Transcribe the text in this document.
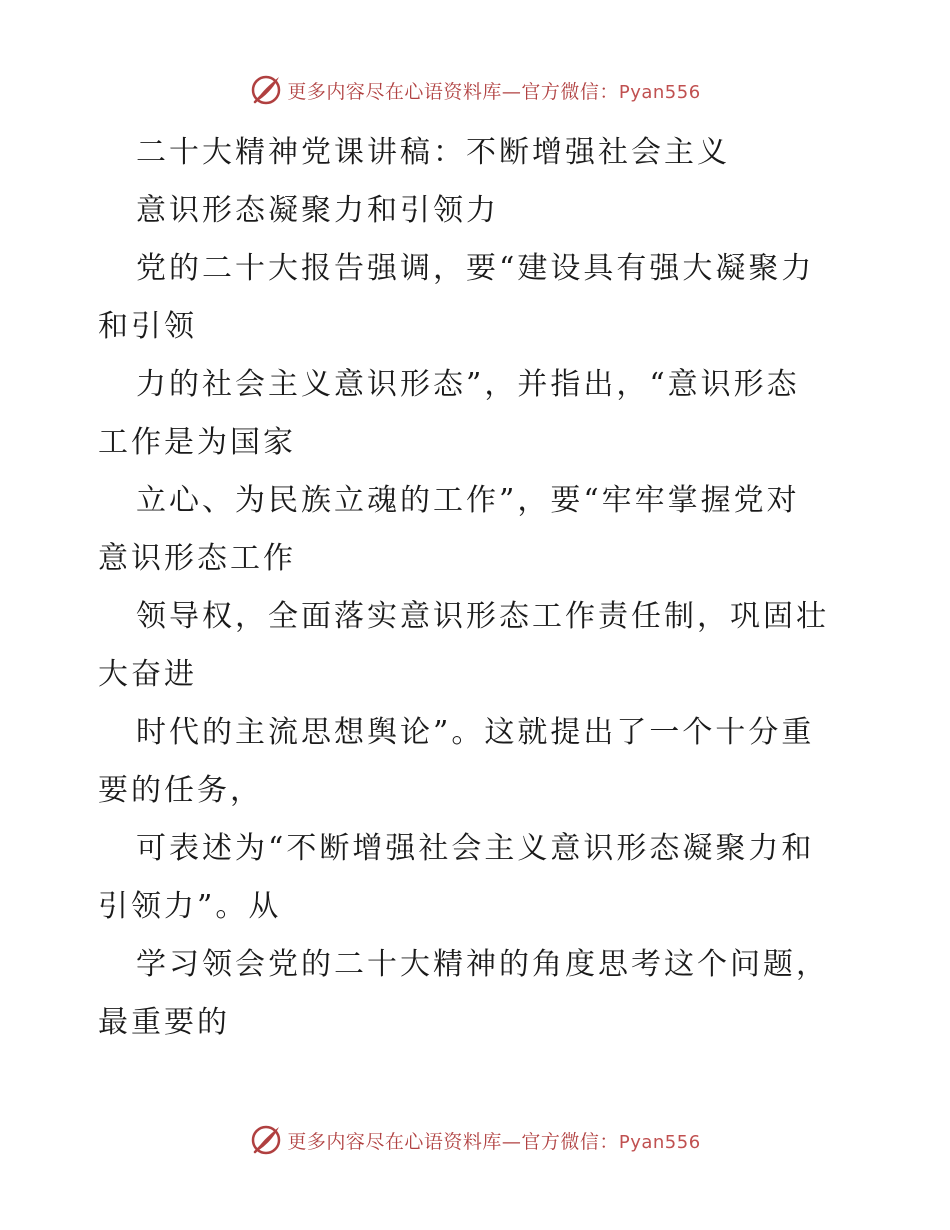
更多内容尽在心语资料库—官方微信：Pyan556
二十大精神党课讲稿：不断增强社会主义
意识形态凝聚力和引领力
党的二十大报告强调，要“建设具有强大凝聚力
和引领
力的社会主义意识形态”，并指出，“意识形态
工作是为国家
立心、为民族立魂的工作”，要“牢牢掌握党对
意识形态工作
领导权，全面落实意识形态工作责任制，巩固壮
大奋进
时代的主流思想舆论”。这就提出了一个十分重
要的任务，
可表述为“不断增强社会主义意识形态凝聚力和
引领力”。从
学习领会党的二十大精神的角度思考这个问题，
最重要的
更多内容尽在心语资料库—官方微信：Pyan556
